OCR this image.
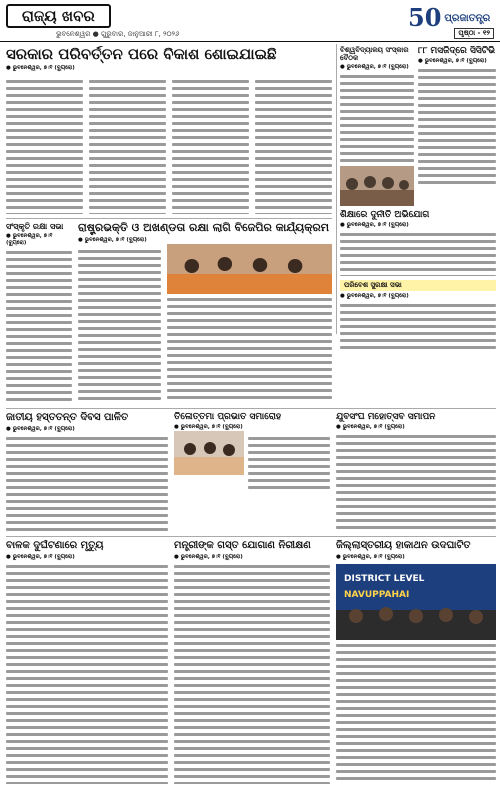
ରାଜ୍ୟ ଖବର
ଭୁବନେଶ୍ୱର ● ଗୁରୁବାର, ଜାନୁଆରୀ ୮, ୨୦୨୬
50 ପ୍ରଜାତନ୍ତ୍ର
ପୃଷ୍ଠା - ୧୨
ସରକାର ପରିବର୍ତ୍ତନ ପରେ ବିକାଶ ଶୋଇଯାଇଛି
● ଭୁବନେଶ୍ୱର, ୭।୧ (ବ୍ୟୁରୋ)
ବିଶ୍ୱବିଦ୍ୟାଳୟ ସଂସ୍କାର ବୈଠକ
● ଭୁବନେଶ୍ୱର, ୭।୧ (ବ୍ୟୁରୋ)
୮୮ ମସଜିଦ୍‌ରେ ସିସିଟିଭି
● ଭୁବନେଶ୍ୱର, ୭।୧ (ବ୍ୟୁରୋ)
ସଂସ୍କୃତି ରକ୍ଷା ସଭା
● ଭୁବନେଶ୍ୱର, ୭।୧ (ବ୍ୟୁରୋ)
ରାଷ୍ଟ୍ରଭକ୍ତି ଓ ଅଖଣ୍ଡତା ରକ୍ଷା ଲାଗି ବିଜେପିର କାର୍ଯ୍ୟକ୍ରମ
● ଭୁବନେଶ୍ୱର, ୭।୧ (ବ୍ୟୁରୋ)
ଶିକ୍ଷାରେ ଦୁର୍ନୀତି ଅଭିଯୋଗ
● ଭୁବନେଶ୍ୱର, ୭।୧ (ବ୍ୟୁରୋ)
ପରିବେଶ ସୁରକ୍ଷା ସଭା
● ଭୁବନେଶ୍ୱର, ୭।୧ (ବ୍ୟୁରୋ)
ଜାତୀୟ ହସ୍ତତନ୍ତ ଦିବସ ପାଳିତ
● ଭୁବନେଶ୍ୱର, ୭।୧ (ବ୍ୟୁରୋ)
ତିଳୋତ୍ତମା ପ୍ରଭାତ ସମାରୋହ
● ଭୁବନେଶ୍ୱର, ୭।୧ (ବ୍ୟୁରୋ)
ଯୁବସଂଘ ମହୋତ୍ସବ ସମାପନ
● ଭୁବନେଶ୍ୱର, ୭।୧ (ବ୍ୟୁରୋ)
ବାଳକ ଦୁର୍ଘଟଣାରେ ମୃତ୍ୟୁ
● ଭୁବନେଶ୍ୱର, ୭।୧ (ବ୍ୟୁରୋ)
ମନ୍ତ୍ରୀଙ୍କ ଗସ୍ତ ଯୋଗାଣ ନିରୀକ୍ଷଣ
● ଭୁବନେଶ୍ୱର, ୭।୧ (ବ୍ୟୁରୋ)
ଜିଲ୍ଲାସ୍ତରୀୟ ହାକାଥନ ଉଦଘାଟିତ
● ଭୁବନେଶ୍ୱର, ୭।୧ (ବ୍ୟୁରୋ)
DISTRICT LEVEL
NAVUPPAHAI
